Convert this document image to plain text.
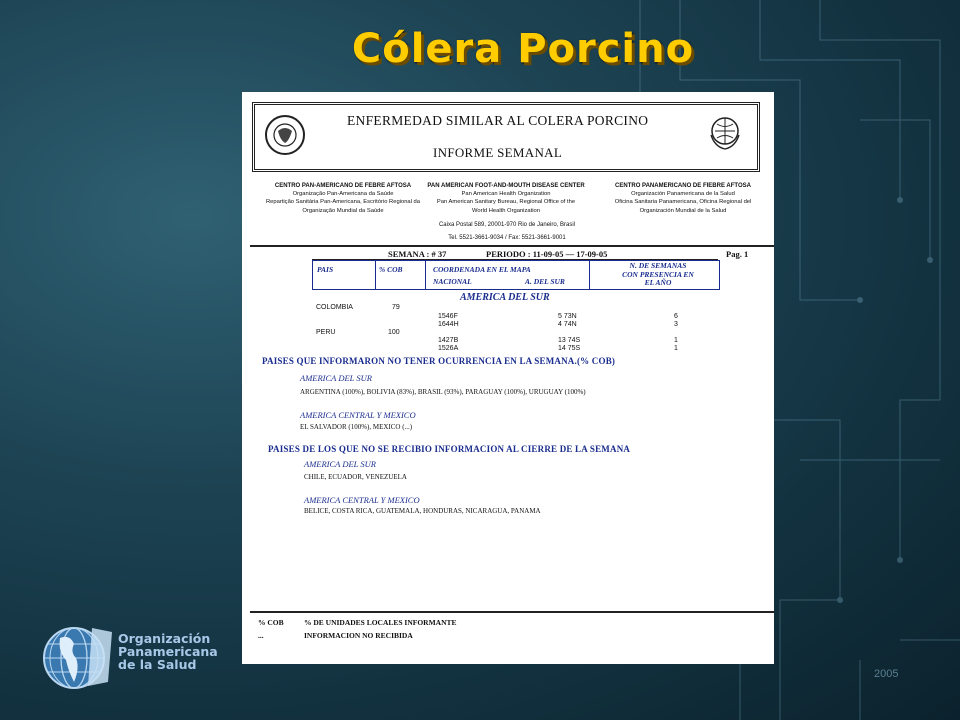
Cólera Porcino
ENFERMEDAD SIMILAR AL COLERA PORCINO
INFORME SEMANAL
CENTRO PAN-AMERICANO DE FEBRE AFTOSA
Organização Pan-Americana da Saúde
Repartição Sanitária Pan-Americana, Escritório Regional da
Organização Mundial da Saúde
PAN AMERICAN FOOT-AND-MOUTH DISEASE CENTER
Pan American Health Organization
Pan American Sanitary Bureau, Regional Office of the
World Health Organization
CENTRO PANAMERICANO DE FIEBRE AFTOSA
Organización Panamericana de la Salud
Oficina Sanitaria Panamericana, Oficina Regional del
Organización Mundial de la Salud
Caixa Postal 589, 20001-970 Rio de Janeiro, Brasil
Tel. 5521-3661-9034 / Fax: 5521-3661-9001
SEMANA : # 37	PERIODO : 11-09-05 — 17-09-05	Pag. 1
PAIS	% COB	COORDENADA EN EL MAPA
NACIONAL	A. DEL SUR
N. DE SEMANAS
CON PRESENCIA EN
EL AÑO
AMERICA DEL SUR
COLOMBIA	79
1546F	5 73N	6
1644H	4 74N	3
PERU	100
1427B	13 74S	1
1526A	14 75S	1
PAISES QUE INFORMARON NO TENER OCURRENCIA EN LA SEMANA.(% COB)
AMERICA DEL SUR
ARGENTINA (100%), BOLIVIA (83%), BRASIL (93%), PARAGUAY (100%), URUGUAY (100%)
AMERICA CENTRAL Y MEXICO
EL SALVADOR (100%), MEXICO (...)
PAISES DE LOS QUE NO SE RECIBIO INFORMACION AL CIERRE DE LA SEMANA
AMERICA DEL SUR
CHILE, ECUADOR, VENEZUELA
AMERICA CENTRAL Y MEXICO
BELICE, COSTA RICA, GUATEMALA, HONDURAS, NICARAGUA, PANAMA
% COB	% DE UNIDADES LOCALES INFORMANTE
...	INFORMACION NO RECIBIDA
Organización
Panamericana
de la Salud
2005
